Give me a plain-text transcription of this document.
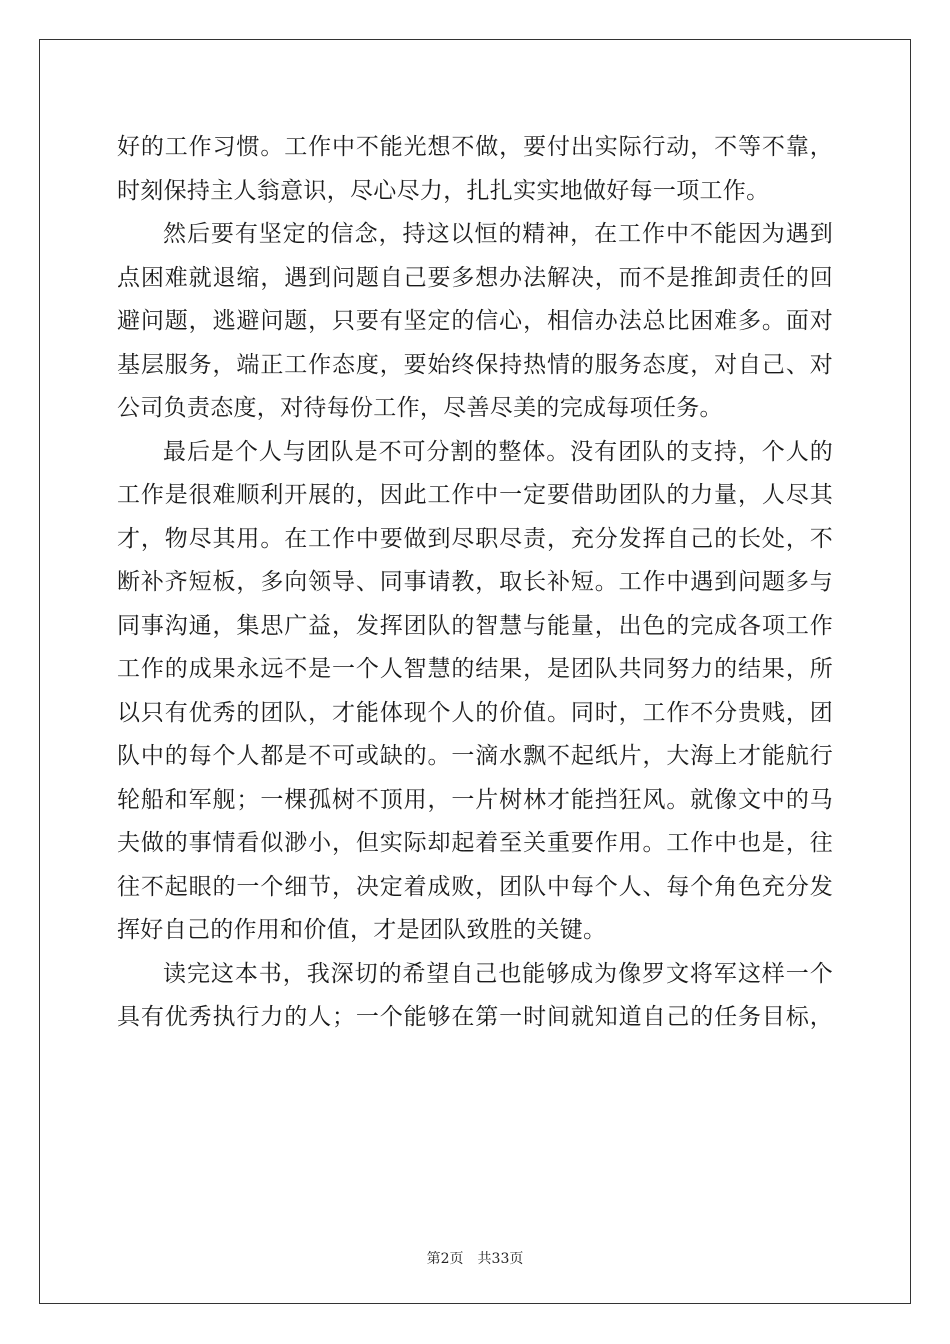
好的工作习惯。工作中不能光想不做，要付出实际行动，不等不靠，
时刻保持主人翁意识，尽心尽力，扎扎实实地做好每一项工作。
然后要有坚定的信念，持这以恒的精神，在工作中不能因为遇到
点困难就退缩，遇到问题自己要多想办法解决，而不是推卸责任的回
避问题，逃避问题，只要有坚定的信心，相信办法总比困难多。面对
基层服务，端正工作态度，要始终保持热情的服务态度，对自己、对
公司负责态度，对待每份工作，尽善尽美的完成每项任务。
最后是个人与团队是不可分割的整体。没有团队的支持，个人的
工作是很难顺利开展的，因此工作中一定要借助团队的力量，人尽其
才，物尽其用。在工作中要做到尽职尽责，充分发挥自己的长处，不
断补齐短板，多向领导、同事请教，取长补短。工作中遇到问题多与
同事沟通，集思广益，发挥团队的智慧与能量，出色的完成各项工作
工作的成果永远不是一个人智慧的结果，是团队共同努力的结果，所
以只有优秀的团队，才能体现个人的价值。同时，工作不分贵贱，团
队中的每个人都是不可或缺的。一滴水飘不起纸片，大海上才能航行
轮船和军舰；一棵孤树不顶用，一片树林才能挡狂风。就像文中的马
夫做的事情看似渺小，但实际却起着至关重要作用。工作中也是，往
往不起眼的一个细节，决定着成败，团队中每个人、每个角色充分发
挥好自己的作用和价值，才是团队致胜的关键。
读完这本书，我深切的希望自己也能够成为像罗文将军这样一个
具有优秀执行力的人；一个能够在第一时间就知道自己的任务目标，
第2页 共33页
